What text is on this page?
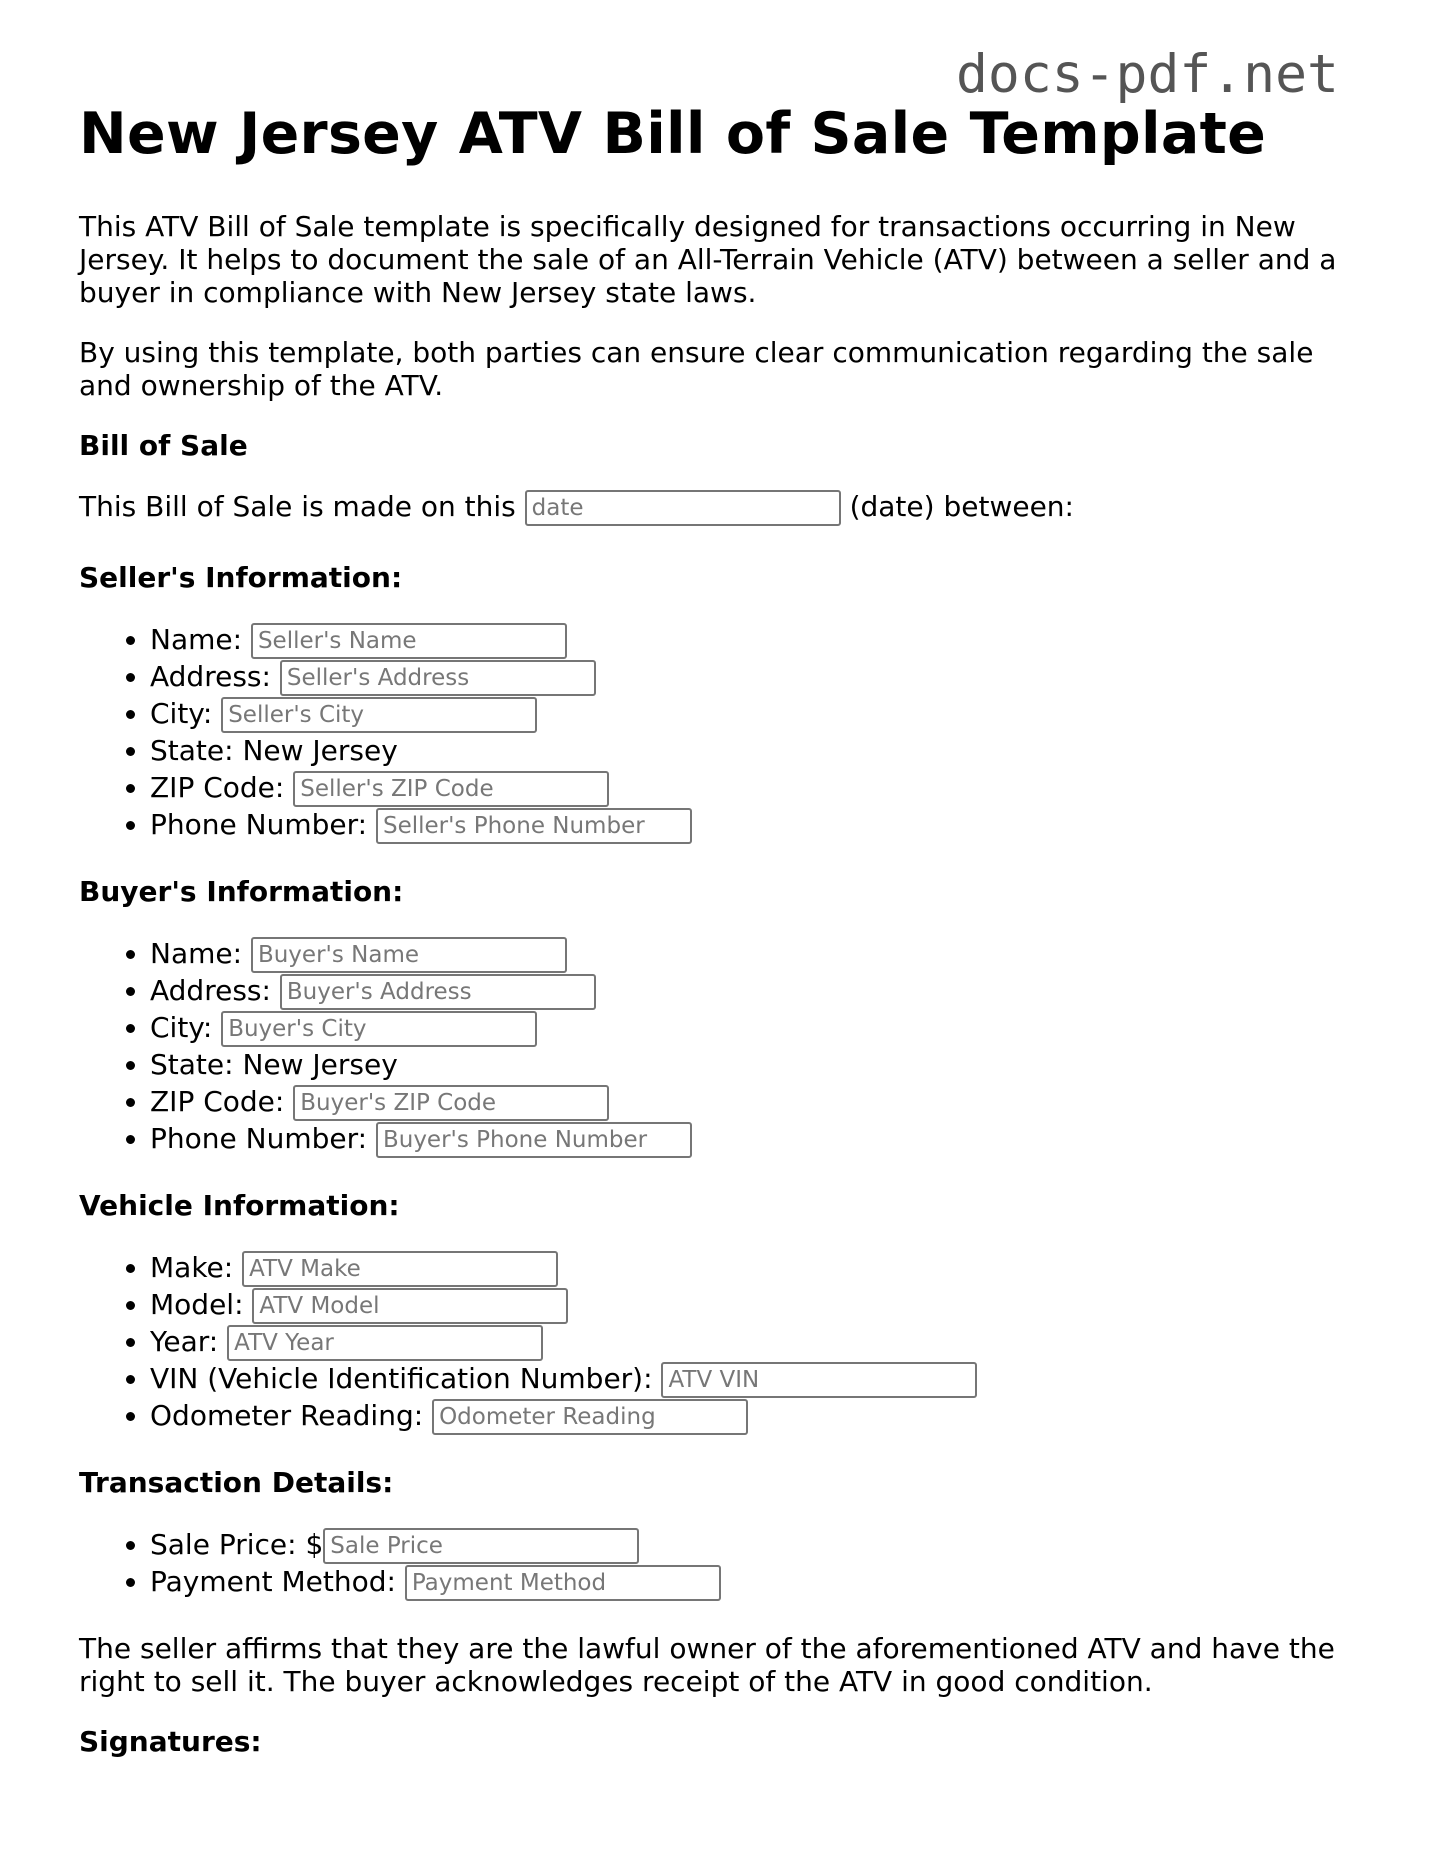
docs-pdf.net
New Jersey ATV Bill of Sale Template

This ATV Bill of Sale template is specifically designed for transactions occurring in New Jersey. It helps to document the sale of an All-Terrain Vehicle (ATV) between a seller and a buyer in compliance with New Jersey state laws.

By using this template, both parties can ensure clear communication regarding the sale and ownership of the ATV.

Bill of Sale
This Bill of Sale is made on this date	(date) between:
Seller's Information:
• Name: Seller's Name
• Address: Seller's Address
• City: Seller's City
• State: New Jersey
• ZIP Code: Seller's ZIP Code
• Phone Number: Seller's Phone Number
Buyer's Information:
• Name: Buyer's Name
• Address: Buyer's Address
• City: Buyer's City
• State: New Jersey
• ZIP Code: Buyer's ZIP Code
• Phone Number: Buyer's Phone Number
Vehicle Information:
• Make: ATV Make
• Model: ATV Model
• Year: ATV Year
• VIN (Vehicle Identification Number): ATV VIN
• Odometer Reading: Odometer Reading
Transaction Details:
• Sale Price: $Sale Price
• Payment Method: Payment Method

The seller affirms that they are the lawful owner of the aforementioned ATV and have the right to sell it. The buyer acknowledges receipt of the ATV in good condition.

Signatures:
